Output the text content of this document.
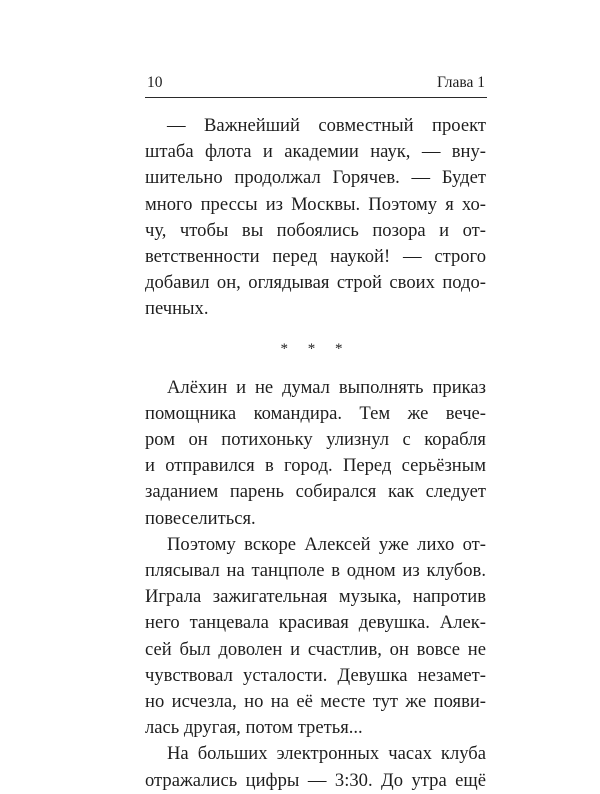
10	Глава 1
— Важнейший совместный проект
штаба флота и академии наук, — вну-
шительно продолжал Горячев. — Будет
много прессы из Москвы. Поэтому я хо-
чу, чтобы вы побоялись позора и от-
ветственности перед наукой! — строго
добавил он, оглядывая строй своих подо-
печных.
* * *
Алёхин и не думал выполнять приказ
помощника командира. Тем же вече-
ром он потихоньку улизнул с корабля
и отправился в город. Перед серьёзным
заданием парень собирался как следует
повеселиться.
Поэтому вскоре Алексей уже лихо от-
плясывал на танцполе в одном из клубов.
Играла зажигательная музыка, напротив
него танцевала красивая девушка. Алек-
сей был доволен и счастлив, он вовсе не
чувствовал усталости. Девушка незамет-
но исчезла, но на её месте тут же появи-
лась другая, потом третья...
На больших электронных часах клуба
отражались цифры — 3:30. До утра ещё
